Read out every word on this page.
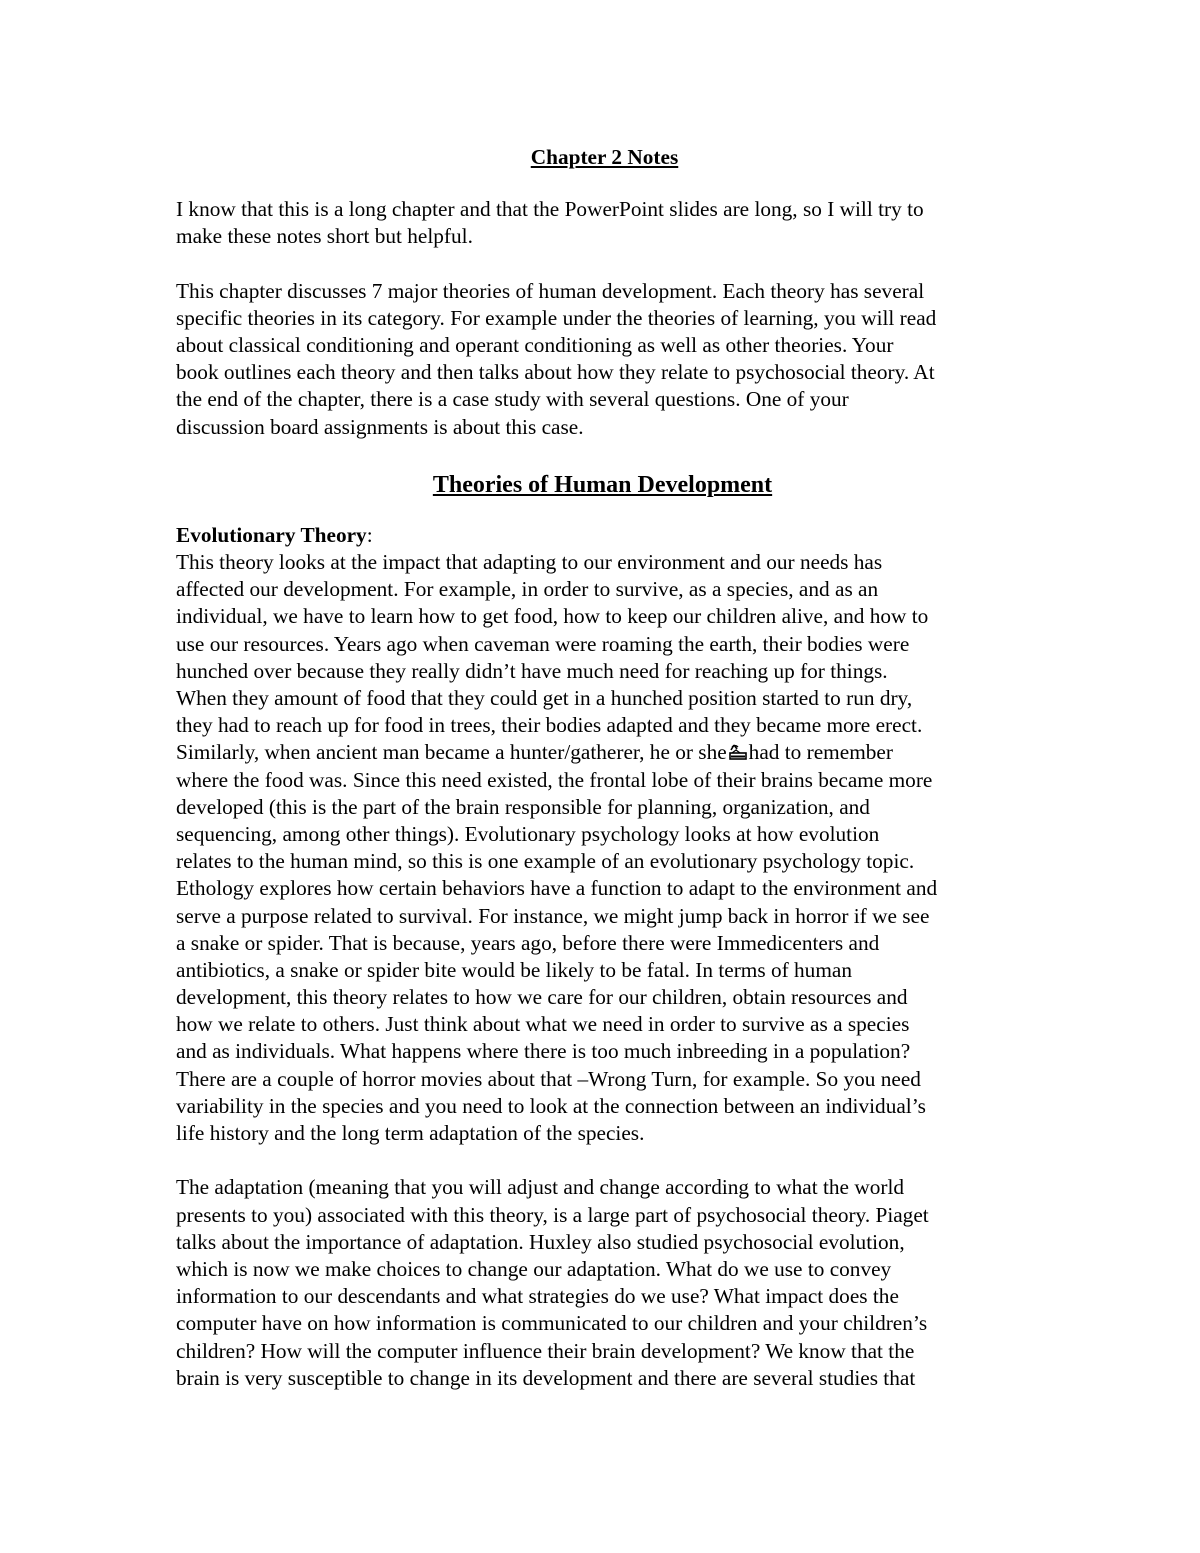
Chapter 2 Notes
I know that this is a long chapter and that the PowerPoint slides are long, so I will try to
make these notes short but helpful.
This chapter discusses 7 major theories of human development. Each theory has several
specific theories in its category. For example under the theories of learning, you will read
about classical conditioning and operant conditioning as well as other theories. Your
book outlines each theory and then talks about how they relate to psychosocial theory. At
the end of the chapter, there is a case study with several questions. One of your
discussion board assignments is about this case.
Theories of Human Development
Evolutionary Theory:
This theory looks at the impact that adapting to our environment and our needs has
affected our development. For example, in order to survive, as a species, and as an
individual, we have to learn how to get food, how to keep our children alive, and how to
use our resources. Years ago when caveman were roaming the earth, their bodies were
hunched over because they really didn’t have much need for reaching up for things.
When they amount of food that they could get in a hunched position started to run dry,
they had to reach up for food in trees, their bodies adapted and they became more erect.
Similarly, when ancient man became a hunter/gatherer, he or she had to remember
where the food was. Since this need existed, the frontal lobe of their brains became more
developed (this is the part of the brain responsible for planning, organization, and
sequencing, among other things). Evolutionary psychology looks at how evolution
relates to the human mind, so this is one example of an evolutionary psychology topic.
Ethology explores how certain behaviors have a function to adapt to the environment and
serve a purpose related to survival. For instance, we might jump back in horror if we see
a snake or spider. That is because, years ago, before there were Immedicenters and
antibiotics, a snake or spider bite would be likely to be fatal. In terms of human
development, this theory relates to how we care for our children, obtain resources and
how we relate to others. Just think about what we need in order to survive as a species
and as individuals. What happens where there is too much inbreeding in a population?
There are a couple of horror movies about that –Wrong Turn, for example. So you need
variability in the species and you need to look at the connection between an individual’s
life history and the long term adaptation of the species.
The adaptation (meaning that you will adjust and change according to what the world
presents to you) associated with this theory, is a large part of psychosocial theory. Piaget
talks about the importance of adaptation. Huxley also studied psychosocial evolution,
which is now we make choices to change our adaptation. What do we use to convey
information to our descendants and what strategies do we use? What impact does the
computer have on how information is communicated to our children and your children’s
children? How will the computer influence their brain development? We know that the
brain is very susceptible to change in its development and there are several studies that
